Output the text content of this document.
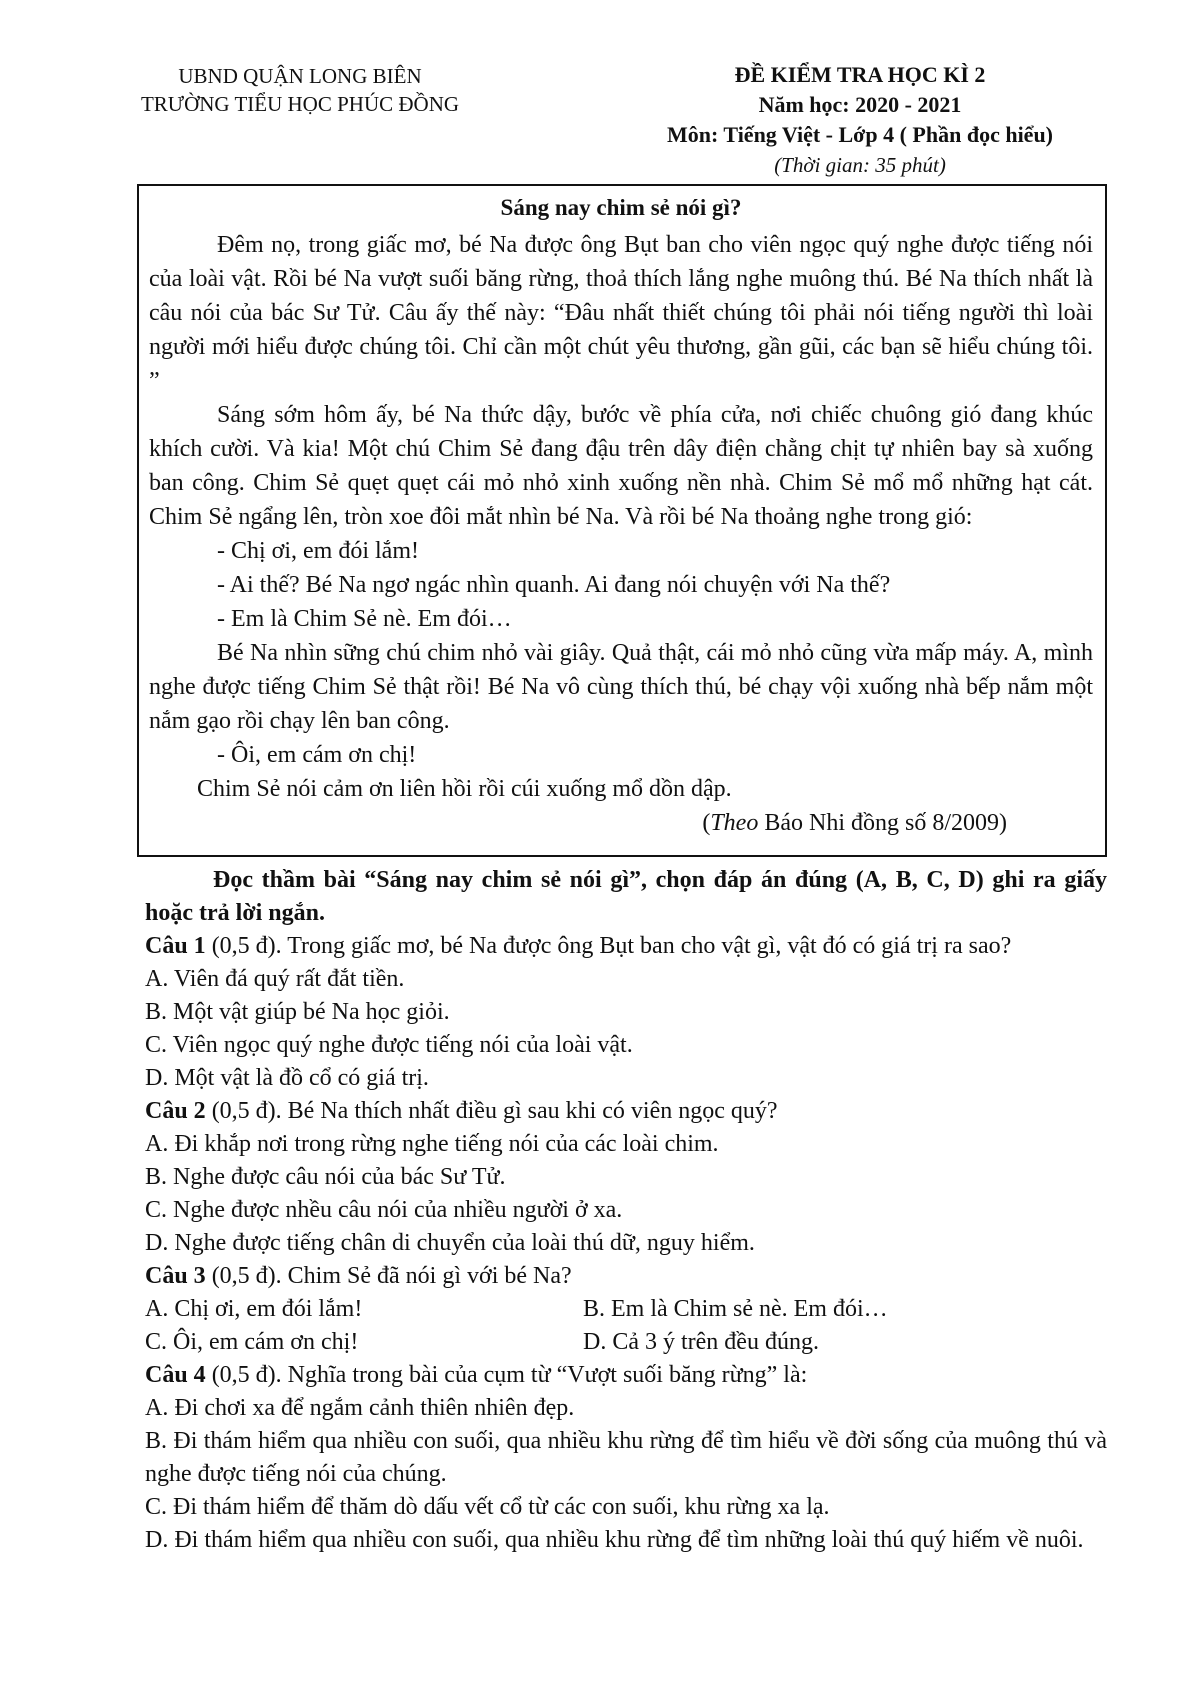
UBND QUẬN LONG BIÊN
TRƯỜNG TIỂU HỌC PHÚC ĐỒNG
ĐỀ KIỂM TRA HỌC KÌ 2
Năm học: 2020 - 2021
Môn: Tiếng Việt - Lớp 4 ( Phần đọc hiểu)
(Thời gian: 35 phút)
Sáng nay chim sẻ nói gì?

Đêm nọ, trong giấc mơ, bé Na được ông Bụt ban cho viên ngọc quý nghe được tiếng nói của loài vật. Rồi bé Na vượt suối băng rừng, thoả thích lắng nghe muông thú. Bé Na thích nhất là câu nói của bác Sư Tử. Câu ấy thế này: “Đâu nhất thiết chúng tôi phải nói tiếng người thì loài người mới hiểu được chúng tôi. Chỉ cần một chút yêu thương, gần gũi, các bạn sẽ hiểu chúng tôi. ”

Sáng sớm hôm ấy, bé Na thức dậy, bước về phía cửa, nơi chiếc chuông gió đang khúc khích cười. Và kia! Một chú Chim Sẻ đang đậu trên dây điện chằng chịt tự nhiên bay sà xuống ban công. Chim Sẻ quẹt quẹt cái mỏ nhỏ xinh xuống nền nhà. Chim Sẻ mổ mổ những hạt cát. Chim Sẻ ngẩng lên, tròn xoe đôi mắt nhìn bé Na. Và rồi bé Na thoảng nghe trong gió:

- Chị ơi, em đói lắm!

- Ai thế? Bé Na ngơ ngác nhìn quanh. Ai đang nói chuyện với Na thế?

- Em là Chim Sẻ nè. Em đói…

Bé Na nhìn sững chú chim nhỏ vài giây. Quả thật, cái mỏ nhỏ cũng vừa mấp máy. A, mình nghe được tiếng Chim Sẻ thật rồi! Bé Na vô cùng thích thú, bé chạy vội xuống nhà bếp nắm một nắm gạo rồi chạy lên ban công.

- Ôi, em cám ơn chị!

Chim Sẻ nói cảm ơn liên hồi rồi cúi xuống mổ dồn dập.

(Theo Báo Nhi đồng số 8/2009)

Đọc thầm bài “Sáng nay chim sẻ nói gì”, chọn đáp án đúng (A, B, C, D) ghi ra giấy hoặc trả lời ngắn.

Câu 1 (0,5 đ). Trong giấc mơ, bé Na được ông Bụt ban cho vật gì, vật đó có giá trị ra sao?

A. Viên đá quý rất đắt tiền.

B. Một vật giúp bé Na học giỏi.

C. Viên ngọc quý nghe được tiếng nói của loài vật.

D. Một vật là đồ cổ có giá trị.

Câu 2 (0,5 đ). Bé Na thích nhất điều gì sau khi có viên ngọc quý?

A. Đi khắp nơi trong rừng nghe tiếng nói của các loài chim.

B. Nghe được câu nói của bác Sư Tử.

C. Nghe được nhều câu nói của nhiều người ở xa.

D. Nghe được tiếng chân di chuyển của loài thú dữ, nguy hiểm.

Câu 3 (0,5 đ). Chim Sẻ đã nói gì với bé Na?

A. Chị ơi, em đói lắm!	B. Em là Chim sẻ nè. Em đói…
C. Ôi, em cám ơn chị!	D. Cả 3 ý trên đều đúng.

Câu 4 (0,5 đ). Nghĩa trong bài của cụm từ “Vượt suối băng rừng” là:

A. Đi chơi xa để ngắm cảnh thiên nhiên đẹp.

B. Đi thám hiểm qua nhiều con suối, qua nhiều khu rừng để tìm hiểu về đời sống của muông thú và nghe được tiếng nói của chúng.

C. Đi thám hiểm để thăm dò dấu vết cổ từ các con suối, khu rừng xa lạ.

D. Đi thám hiểm qua nhiều con suối, qua nhiều khu rừng để tìm những loài thú quý hiếm về nuôi.
